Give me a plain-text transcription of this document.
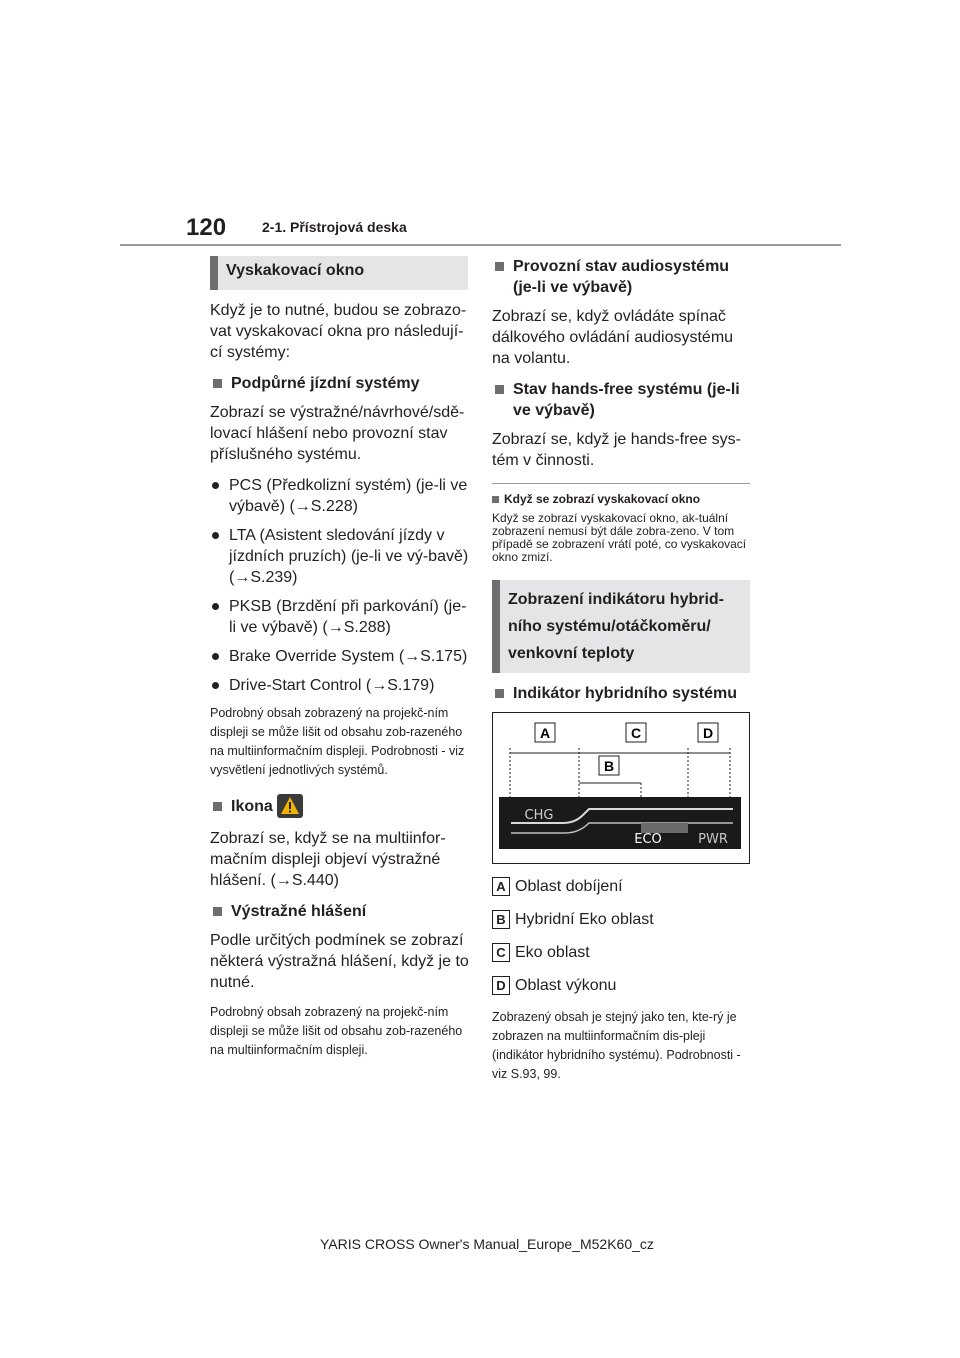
120	2-1. Přístrojová deska
Vyskakovací okno

Když je to nutné, budou se zobrazo-vat vyskakovací okna pro následují-cí systémy:

Podpůrné jízdní systémy

Zobrazí se výstražné/návrhové/sdě-lovací hlášení nebo provozní stav příslušného systému.

PCS (Předkolizní systém) (je-li ve výbavě) (→S.228)
LTA (Asistent sledování jízdy v jízdních pruzích) (je-li ve vý-bavě) (→S.239)
PKSB (Brzdění při parkování) (je-li ve výbavě) (→S.288)
Brake Override System (→S.175)
Drive-Start Control (→S.179)

Podrobný obsah zobrazený na projekč-ním displeji se může lišit od obsahu zob-razeného na multiinformačním displeji. Podrobnosti - viz vysvětlení jednotlivých systémů.

Ikona

Zobrazí se, když se na multiinfor-mačním displeji objeví výstražné hlášení. (→S.440)

Výstražné hlášení

Podle určitých podmínek se zobrazí některá výstražná hlášení, když je to nutné.

Podrobný obsah zobrazený na projekč-ním displeji se může lišit od obsahu zob-razeného na multiinformačním displeji.

Provozní stav audiosystému (je-li ve výbavě)

Zobrazí se, když ovládáte spínač dálkového ovládání audiosystému na volantu.

Stav hands-free systému (je-li ve výbavě)

Zobrazí se, když je hands-free sys-tém v činnosti.

Když se zobrazí vyskakovací okno

Když se zobrazí vyskakovací okno, ak-tuální zobrazení nemusí být dále zobra-zeno. V tom případě se zobrazení vrátí poté, co vyskakovací okno zmizí.

Zobrazení indikátoru hybrid-ního systému/otáčkoměru/ venkovní teploty
Indikátor hybridního systému
A	C	D
B
CHG
ECO	PWR
A Oblast dobíjení
B Hybridní Eko oblast
C Eko oblast
D Oblast výkonu

Zobrazený obsah je stejný jako ten, kte-rý je zobrazen na multiinformačním dis-pleji (indikátor hybridního systému). Podrobnosti - viz S.93, 99.

YARIS CROSS Owner's Manual_Europe_M52K60_cz
